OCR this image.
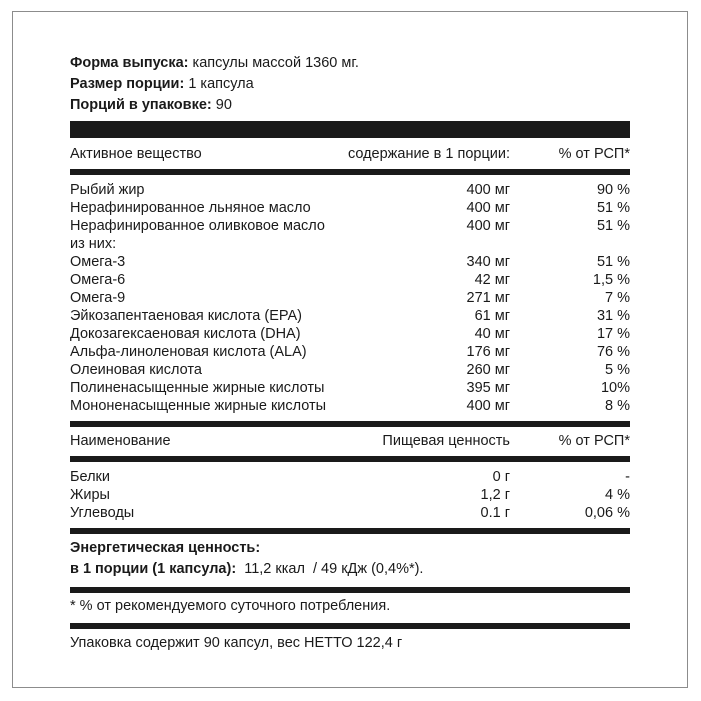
Форма выпуска: капсулы массой 1360 мг.
Размер порции: 1 капсула
Порций в упаковке: 90
Активное вещество	содержание в 1 порции:	% от РСП*
Рыбий жир	400 мг	90 %
Нерафинированное льняное масло	400 мг	51 %
Нерафинированное оливковое масло	400 мг	51 %
из них:
Омега-3	340 мг	51 %
Омега-6	42 мг	1,5 %
Омега-9	271 мг	7 %
Эйкозапентаеновая кислота (EPA)	61 мг	31 %
Докозагексаеновая кислота (DHA)	40 мг	17 %
Альфа-линоленовая кислота (ALA)	176 мг	76 %
Олеиновая кислота	260 мг	5 %
Полиненасыщенные жирные кислоты	395 мг	10%
Мононенасыщенные жирные кислоты	400 мг	8 %
Наименование	Пищевая ценность	% от РСП*
Белки	0 г	-
Жиры	1,2 г	4 %
Углеводы	0.1 г	0,06 %
Энергетическая ценность:
в 1 порции (1 капсула):  11,2 ккал  / 49 кДж (0,4%*).
* % от рекомендуемого суточного потребления.
Упаковка содержит 90 капсул, вес НЕТТО 122,4 г
